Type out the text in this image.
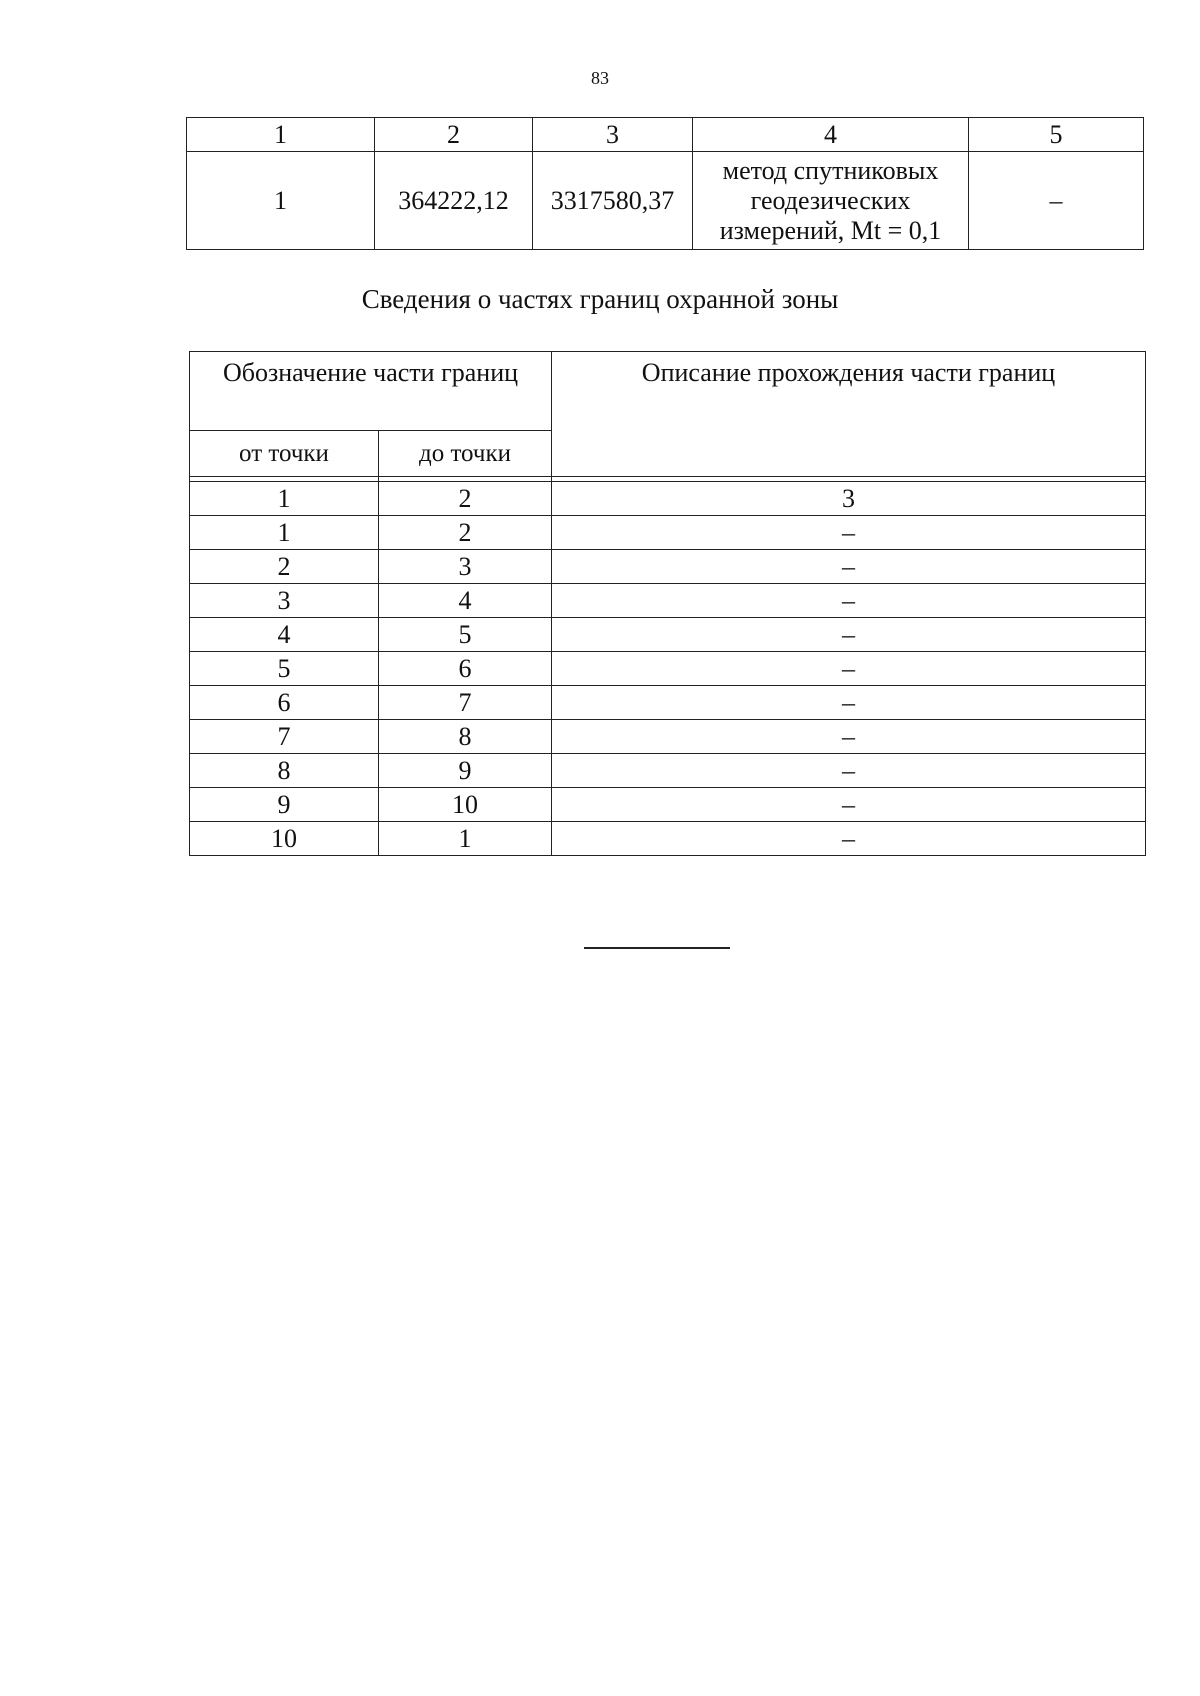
83
1	2	3	4	5
1	364222,12	3317580,37	метод спутниковых
геодезических
измерений, Mt = 0,1	–
Сведения о частях границ охранной зоны
Обозначение части границ		Описание прохождения части границ
от точки	до точки	

1	2	3
1	2	–
2	3	–
3	4	–
4	5	–
5	6	–
6	7	–
7	8	–
8	9	–
9	10	–
10	1	–
